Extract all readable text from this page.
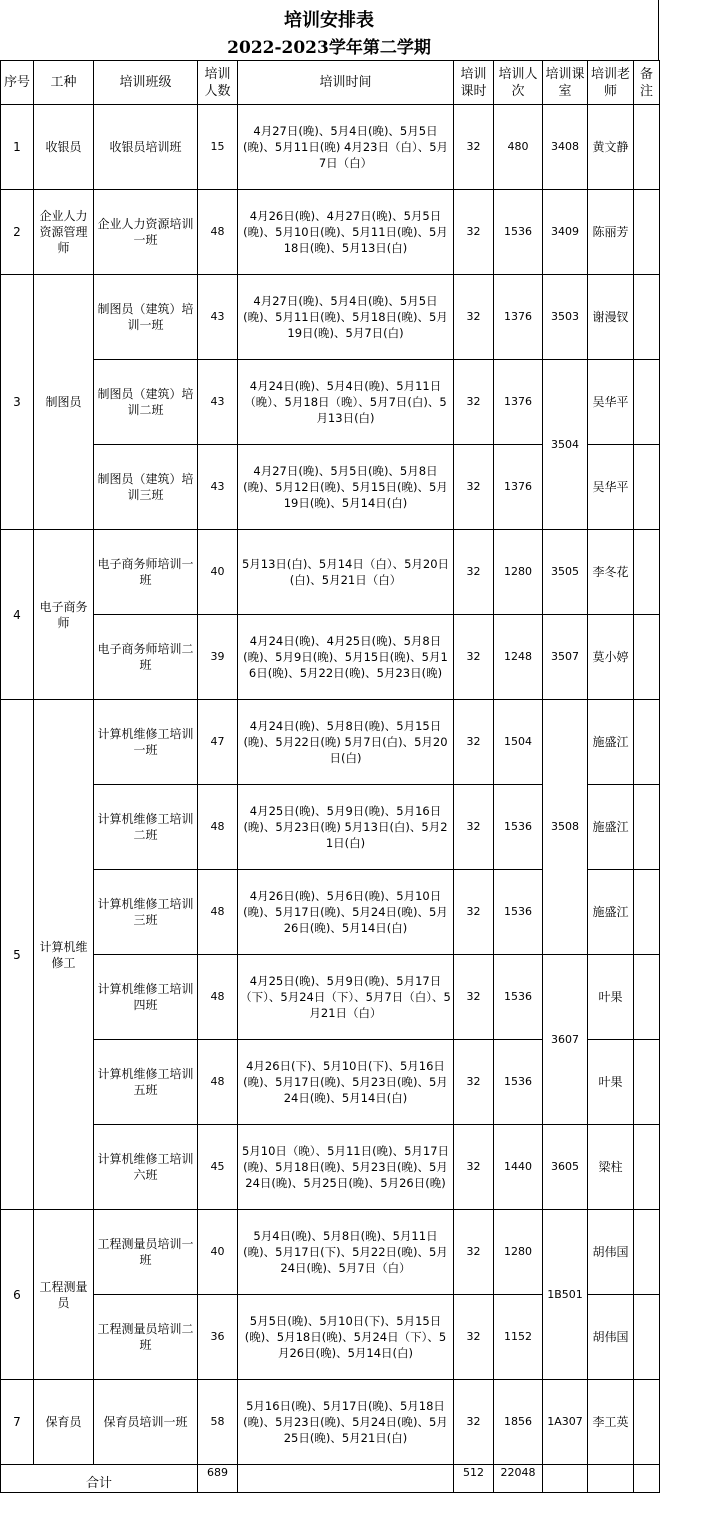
培训安排表
2022-2023学年第二学期
序号	工种	培训班级	培训人数	培训时间	培训课时	培训人次	培训课室	培训老师	备注
1	收银员	收银员培训班	15	4月27日(晚)、5月4日(晚)、5月5日(晚)、5月11日(晚) 4月23日（白）、5月7日（白）	32	480	3408	黄文静	
2	企业人力资源管理师	企业人力资源培训一班	48	4月26日(晚)、4月27日(晚)、5月5日(晚)、5月10日(晚)、5月11日(晚)、5月18日(晚)、5月13日(白)	32	1536	3409	陈丽芳	
3	制图员	制图员（建筑）培训一班	43	4月27日(晚)、5月4日(晚)、5月5日(晚)、5月11日(晚)、5月18日(晚)、5月19日(晚)、5月7日(白)	32	1376	3503	谢漫钗	
		制图员（建筑）培训二班	43	4月24日(晚)、5月4日(晚)、5月11日（晚）、5月18日（晚）、5月7日(白)、5月13日(白)	32	1376	3504	吴华平	
		制图员（建筑）培训三班	43	4月27日(晚)、5月5日(晚)、5月8日(晚)、5月12日(晚)、5月15日(晚)、5月19日(晚)、5月14日(白)	32	1376		吴华平	
4	电子商务师	电子商务师培训一班	40	5月13日(白)、5月14日（白）、5月20日(白)、5月21日（白）	32	1280	3505	李冬花	
		电子商务师培训二班	39	4月24日(晚)、4月25日(晚)、5月8日(晚)、5月9日(晚)、5月15日(晚)、5月16日(晚)、5月22日(晚)、5月23日(晚)	32	1248	3507	莫小婷	
5	计算机维修工	计算机维修工培训一班	47	4月24日(晚)、5月8日(晚)、5月15日(晚)、5月22日(晚) 5月7日(白)、5月20日(白)	32	1504	3508	施盛江	
		计算机维修工培训二班	48	4月25日(晚)、5月9日(晚)、5月16日(晚)、5月23日(晚) 5月13日(白)、5月21日(白)	32	1536		施盛江	
		计算机维修工培训三班	48	4月26日(晚)、5月6日(晚)、5月10日(晚)、5月17日(晚)、5月24日(晚)、5月26日(晚)、5月14日(白)	32	1536		施盛江	
		计算机维修工培训四班	48	4月25日(晚)、5月9日(晚)、5月17日（下）、5月24日（下）、5月7日（白）、5月21日（白）	32	1536	3607	叶果	
		计算机维修工培训五班	48	4月26日(下)、5月10日(下)、5月16日(晚)、5月17日(晚)、5月23日(晚)、5月24日(晚)、5月14日(白)	32	1536		叶果	
		计算机维修工培训六班	45	5月10日（晚）、5月11日(晚)、5月17日(晚)、5月18日(晚)、5月23日(晚)、5月24日(晚)、5月25日(晚)、5月26日(晚)	32	1440	3605	梁柱	
6	工程测量员	工程测量员培训一班	40	5月4日(晚)、5月8日(晚)、5月11日(晚)、5月17日(下)、5月22日(晚)、5月24日(晚)、5月7日（白）	32	1280	1B501	胡伟国	
		工程测量员培训二班	36	5月5日(晚)、5月10日(下)、5月15日(晚)、5月18日(晚)、5月24日（下）、5月26日(晚)、5月14日(白)	32	1152		胡伟国	
7	保育员	保育员培训一班	58	5月16日(晚)、5月17日(晚)、5月18日(晚)、5月23日(晚)、5月24日(晚)、5月25日(晚)、5月21日(白)	32	1856	1A307	李工英	
合计			689		512	22048			
